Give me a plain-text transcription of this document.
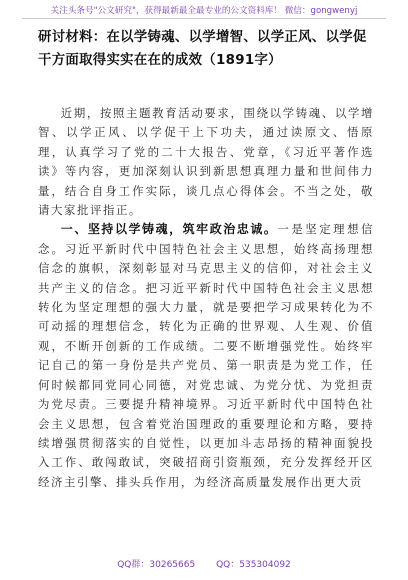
关注头条号"公文研究"，获得最新最全最专业的公文资料库！ 微信：gongwenyj
研讨材料：在以学铸魂、以学增智、以学正风、以学促干方面取得实实在在的成效（1891字）

近期，按照主题教育活动要求，围绕以学铸魂、以学增智、以学正风、以学促干上下功夫，通过读原文、悟原理，认真学习了党的二十大报告、党章，《习近平著作选读》等内容，更加深刻认识到新思想真理力量和世间伟力量，结合自身工作实际，谈几点心得体会。不当之处，敬请大家批评指正。

一、坚持以学铸魂，筑牢政治忠诚。一是坚定理想信念。习近平新时代中国特色社会主义思想，始终高扬理想信念的旗帜，深刻彰显对马克思主义的信仰，对社会主义共产主义的信念。把习近平新时代中国特色社会主义思想转化为坚定理想的强大力量，就是要把学习成果转化为不可动摇的理想信念，转化为正确的世界观、人生观、价值观，不断开创新的工作成绩。二要不断增强党性。始终牢记自己的第一身份是共产党员、第一职责是为党工作，任何时候都同党同心同德，对党忠诚、为党分忧、为党担责为党尽责。三要提升精神境界。习近平新时代中国特色社会主义思想，包含着党治国理政的重要理论和方略，要持续增强贯彻落实的自觉性，以更加斗志昂扬的精神面貌投入工作、敢闯敢试，突破招商引资瓶颈，充分发挥经开区经济主引擎、排头兵作用，为经济高质量发展作出更大贡

QQ群：30265665 QQ：535304092
